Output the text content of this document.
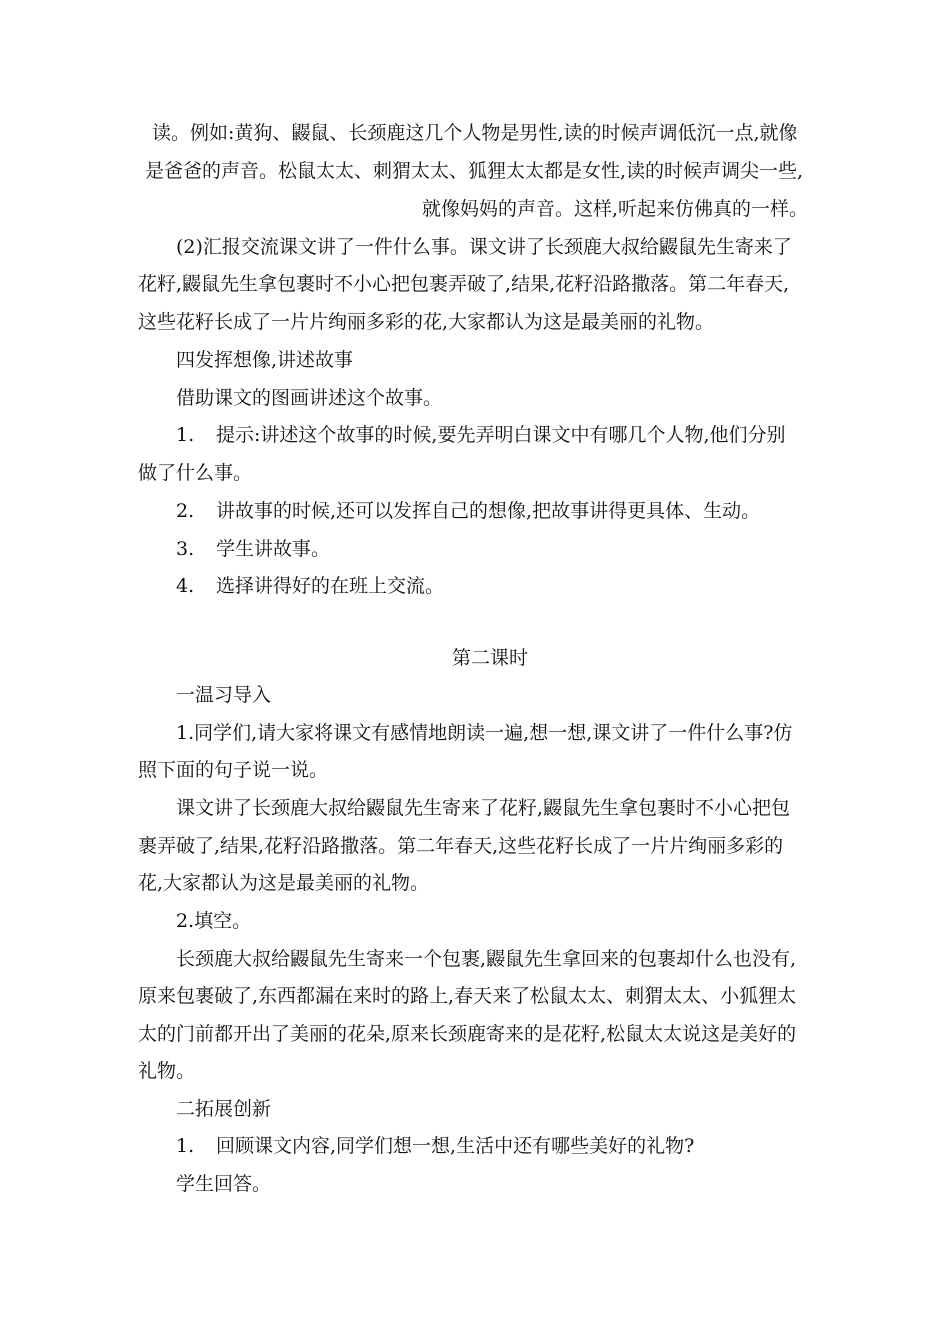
读。例如:黄狗、鼹鼠、长颈鹿这几个人物是男性,读的时候声调低沉一点,就像
是爸爸的声音。松鼠太太、刺猬太太、狐狸太太都是女性,读的时候声调尖一些,
就像妈妈的声音。这样,听起来仿佛真的一样。
(2)汇报交流课文讲了一件什么事。课文讲了长颈鹿大叔给鼹鼠先生寄来了
花籽,鼹鼠先生拿包裹时不小心把包裹弄破了,结果,花籽沿路撒落。第二年春天,
这些花籽长成了一片片绚丽多彩的花,大家都认为这是最美丽的礼物。
四发挥想像,讲述故事
借助课文的图画讲述这个故事。
1. 提示:讲述这个故事的时候,要先弄明白课文中有哪几个人物,他们分别
做了什么事。
2. 讲故事的时候,还可以发挥自己的想像,把故事讲得更具体、生动。
3. 学生讲故事。
4. 选择讲得好的在班上交流。
第二课时
一温习导入
1.同学们,请大家将课文有感情地朗读一遍,想一想,课文讲了一件什么事?仿
照下面的句子说一说。
课文讲了长颈鹿大叔给鼹鼠先生寄来了花籽,鼹鼠先生拿包裹时不小心把包
裹弄破了,结果,花籽沿路撒落。第二年春天,这些花籽长成了一片片绚丽多彩的
花,大家都认为这是最美丽的礼物。
2.填空。
长颈鹿大叔给鼹鼠先生寄来一个包裹,鼹鼠先生拿回来的包裹却什么也没有,
原来包裹破了,东西都漏在来时的路上,春天来了松鼠太太、刺猬太太、小狐狸太
太的门前都开出了美丽的花朵,原来长颈鹿寄来的是花籽,松鼠太太说这是美好的
礼物。
二拓展创新
1. 回顾课文内容,同学们想一想,生活中还有哪些美好的礼物?
学生回答。
